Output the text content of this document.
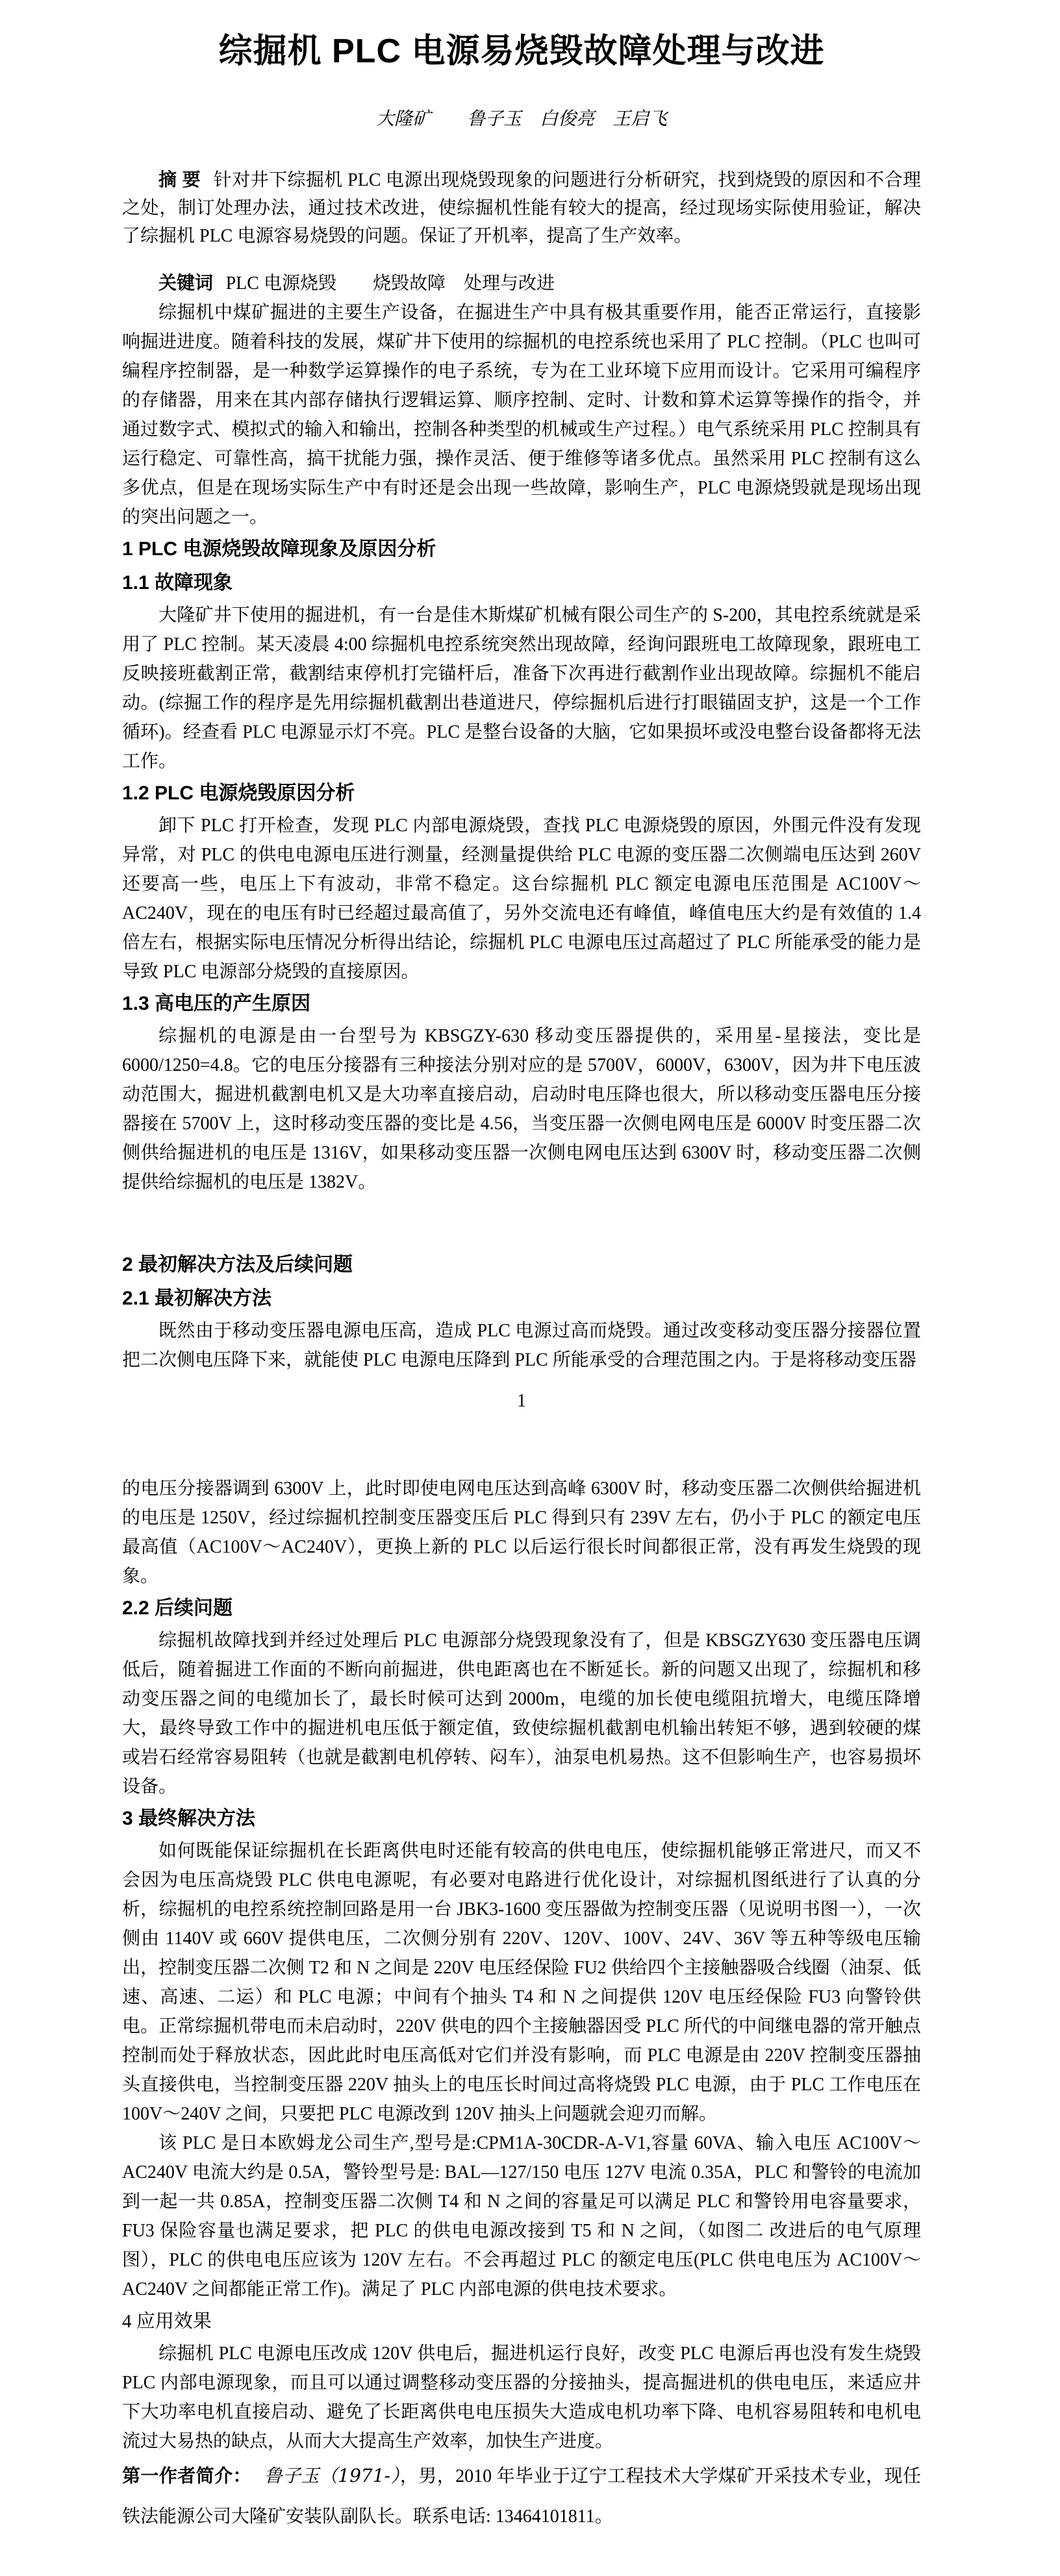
综掘机 PLC 电源易烧毁故障处理与改进
大隆矿　　鲁子玉　白俊亮　王启飞

摘 要 针对井下综掘机 PLC 电源出现烧毁现象的问题进行分析研究，找到烧毁的原因和不合理之处，制订处理办法，通过技术改进，使综掘机性能有较大的提高，经过现场实际使用验证，解决了综掘机 PLC 电源容易烧毁的问题。保证了开机率，提高了生产效率。

关键词 PLC 电源烧毁　　烧毁故障　处理与改进

综掘机中煤矿掘进的主要生产设备，在掘进生产中具有极其重要作用，能否正常运行，直接影响掘进进度。随着科技的发展，煤矿井下使用的综掘机的电控系统也采用了 PLC 控制。（PLC 也叫可编程序控制器，是一种数学运算操作的电子系统，专为在工业环境下应用而设计。它采用可编程序的存储器，用来在其内部存储执行逻辑运算、顺序控制、定时、计数和算术运算等操作的指令，并通过数字式、模拟式的输入和输出，控制各种类型的机械或生产过程。）电气系统采用 PLC 控制具有运行稳定、可靠性高，搞干扰能力强，操作灵活、便于维修等诸多优点。虽然采用 PLC 控制有这么多优点，但是在现场实际生产中有时还是会出现一些故障，影响生产，PLC 电源烧毁就是现场出现的突出问题之一。

1 PLC 电源烧毁故障现象及原因分析
1.1 故障现象

大隆矿井下使用的掘进机，有一台是佳木斯煤矿机械有限公司生产的 S-200，其电控系统就是采用了 PLC 控制。某天凌晨 4:00 综掘机电控系统突然出现故障，经询问跟班电工故障现象，跟班电工反映接班截割正常，截割结束停机打完锚杆后，准备下次再进行截割作业出现故障。综掘机不能启动。(综掘工作的程序是先用综掘机截割出巷道进尺，停综掘机后进行打眼锚固支护，这是一个工作循环)。经查看 PLC 电源显示灯不亮。PLC 是整台设备的大脑，它如果损坏或没电整台设备都将无法工作。

1.2 PLC 电源烧毁原因分析

卸下 PLC 打开检查，发现 PLC 内部电源烧毁，查找 PLC 电源烧毁的原因，外围元件没有发现异常，对 PLC 的供电电源电压进行测量，经测量提供给 PLC 电源的变压器二次侧端电压达到 260V 还要高一些，电压上下有波动，非常不稳定。这台综掘机 PLC 额定电源电压范围是 AC100V～AC240V，现在的电压有时已经超过最高值了，另外交流电还有峰值，峰值电压大约是有效值的 1.4 倍左右，根据实际电压情况分析得出结论，综掘机 PLC 电源电压过高超过了 PLC 所能承受的能力是导致 PLC 电源部分烧毁的直接原因。

1.3 高电压的产生原因

综掘机的电源是由一台型号为 KBSGZY-630 移动变压器提供的，采用星-星接法，变比是 6000/1250=4.8。它的电压分接器有三种接法分别对应的是 5700V，6000V，6300V，因为井下电压波动范围大，掘进机截割电机又是大功率直接启动，启动时电压降也很大，所以移动变压器电压分接器接在 5700V 上，这时移动变压器的变比是 4.56，当变压器一次侧电网电压是 6000V 时变压器二次侧供给掘进机的电压是 1316V，如果移动变压器一次侧电网电压达到 6300V 时，移动变压器二次侧提供给综掘机的电压是 1382V。

2 最初解决方法及后续问题
2.1 最初解决方法

既然由于移动变压器电源电压高，造成 PLC 电源过高而烧毁。通过改变移动变压器分接器位置把二次侧电压降下来，就能使 PLC 电源电压降到 PLC 所能承受的合理范围之内。于是将移动变压器

1

的电压分接器调到 6300V 上，此时即使电网电压达到高峰 6300V 时，移动变压器二次侧供给掘进机的电压是 1250V，经过综掘机控制变压器变压后 PLC 得到只有 239V 左右，仍小于 PLC 的额定电压最高值（AC100V～AC240V），更换上新的 PLC 以后运行很长时间都很正常，没有再发生烧毁的现象。

2.2 后续问题

综掘机故障找到并经过处理后 PLC 电源部分烧毁现象没有了，但是 KBSGZY630 变压器电压调低后，随着掘进工作面的不断向前掘进，供电距离也在不断延长。新的问题又出现了，综掘机和移动变压器之间的电缆加长了，最长时候可达到 2000m，电缆的加长使电缆阻抗增大，电缆压降增大，最终导致工作中的掘进机电压低于额定值，致使综掘机截割电机输出转矩不够，遇到较硬的煤或岩石经常容易阻转（也就是截割电机停转、闷车），油泵电机易热。这不但影响生产，也容易损坏设备。

3 最终解决方法

如何既能保证综掘机在长距离供电时还能有较高的供电电压，使综掘机能够正常进尺，而又不会因为电压高烧毁 PLC 供电电源呢，有必要对电路进行优化设计，对综掘机图纸进行了认真的分析，综掘机的电控系统控制回路是用一台 JBK3-1600 变压器做为控制变压器（见说明书图一），一次侧由 1140V 或 660V 提供电压，二次侧分别有 220V、120V、100V、24V、36V 等五种等级电压输出，控制变压器二次侧 T2 和 N 之间是 220V 电压经保险 FU2 供给四个主接触器吸合线圈（油泵、低速、高速、二运）和 PLC 电源；中间有个抽头 T4 和 N 之间提供 120V 电压经保险 FU3 向警铃供电。正常综掘机带电而未启动时，220V 供电的四个主接触器因受 PLC 所代的中间继电器的常开触点控制而处于释放状态，因此此时电压高低对它们并没有影响，而 PLC 电源是由 220V 控制变压器抽头直接供电，当控制变压器 220V 抽头上的电压长时间过高将烧毁 PLC 电源，由于 PLC 工作电压在 100V～240V 之间，只要把 PLC 电源改到 120V 抽头上问题就会迎刃而解。

该 PLC 是日本欧姆龙公司生产,型号是:CPM1A-30CDR-A-V1,容量 60VA、输入电压 AC100V～AC240V 电流大约是 0.5A，警铃型号是: BAL—127/150 电压 127V 电流 0.35A，PLC 和警铃的电流加到一起一共 0.85A，控制变压器二次侧 T4 和 N 之间的容量足可以满足 PLC 和警铃用电容量要求，FU3 保险容量也满足要求，把 PLC 的供电电源改接到 T5 和 N 之间，（如图二 改进后的电气原理图），PLC 的供电电压应该为 120V 左右。不会再超过 PLC 的额定电压(PLC 供电电压为 AC100V～AC240V 之间都能正常工作)。满足了 PLC 内部电源的供电技术要求。

4 应用效果

综掘机 PLC 电源电压改成 120V 供电后，掘进机运行良好，改变 PLC 电源后再也没有发生烧毁 PLC 内部电源现象，而且可以通过调整移动变压器的分接抽头，提高掘进机的供电电压，来适应井下大功率电机直接启动、避免了长距离供电电压损失大造成电机功率下降、电机容易阻转和电机电流过大易热的缺点，从而大大提高生产效率，加快生产进度。

第一作者简介： 鲁子玉（1971-），男，2010 年毕业于辽宁工程技术大学煤矿开采技术专业，现任铁法能源公司大隆矿安装队副队长。联系电话: 13464101811。
